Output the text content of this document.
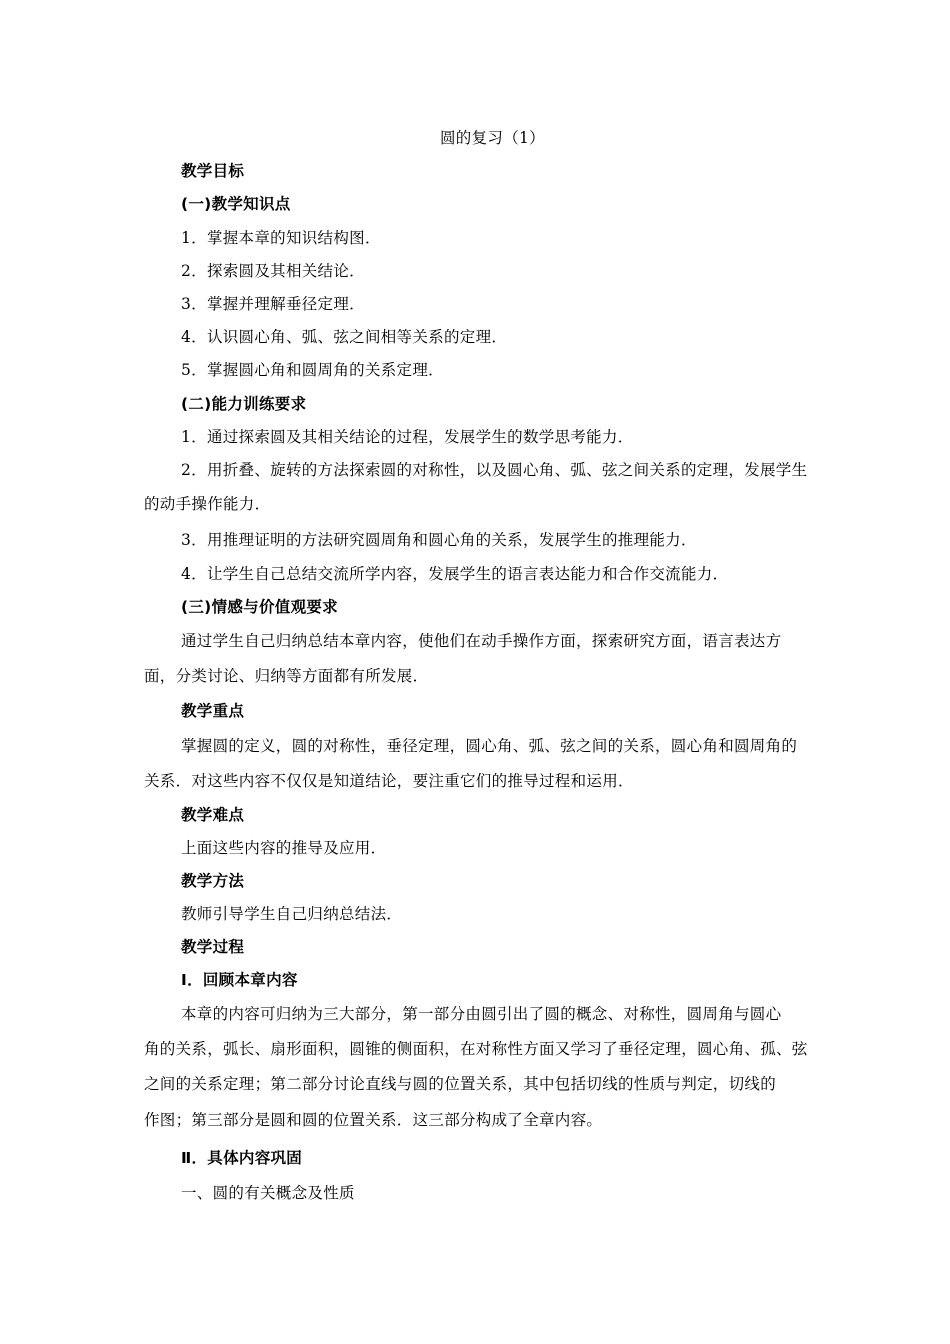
圆的复习（1）
教学目标
(一)教学知识点
1．掌握本章的知识结构图．
2．探索圆及其相关结论．
3．掌握并理解垂径定理．
4．认识圆心角、弧、弦之间相等关系的定理．
5．掌握圆心角和圆周角的关系定理．
(二)能力训练要求
1．通过探索圆及其相关结论的过程，发展学生的数学思考能力．
2．用折叠、旋转的方法探索圆的对称性，以及圆心角、弧、弦之间关系的定理，发展学生
的动手操作能力．
3．用推理证明的方法研究圆周角和圆心角的关系，发展学生的推理能力．
4．让学生自己总结交流所学内容，发展学生的语言表达能力和合作交流能力．
(三)情感与价值观要求
通过学生自己归纳总结本章内容，使他们在动手操作方面，探索研究方面，语言表达方
面，分类讨论、归纳等方面都有所发展．
教学重点
掌握圆的定义，圆的对称性，垂径定理，圆心角、弧、弦之间的关系，圆心角和圆周角的
关系．对这些内容不仅仅是知道结论，要注重它们的推导过程和运用．
教学难点
上面这些内容的推导及应用．
教学方法
教师引导学生自己归纳总结法．
教学过程
Ⅰ．回顾本章内容
本章的内容可归纳为三大部分，第一部分由圆引出了圆的概念、对称性，圆周角与圆心
角的关系，弧长、扇形面积，圆锥的侧面积，在对称性方面又学习了垂径定理，圆心角、孤、弦
之间的关系定理；第二部分讨论直线与圆的位置关系，其中包括切线的性质与判定，切线的
作图；第三部分是圆和圆的位置关系．这三部分构成了全章内容。
Ⅱ．具体内容巩固
一、圆的有关概念及性质
